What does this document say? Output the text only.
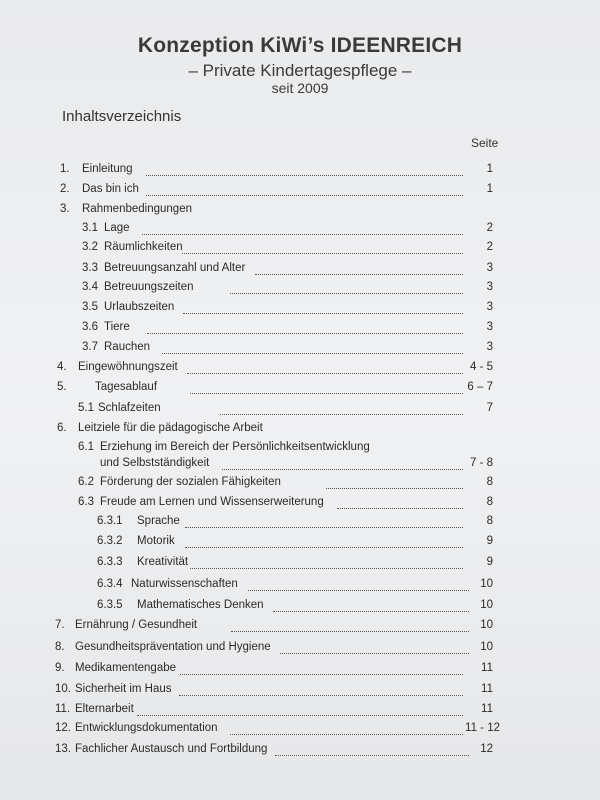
Konzeption KiWi’s IDEENREICH
– Private Kindertagespflege –
seit 2009
Inhaltsverzeichnis
Seite
1. Einleitung	1
2. Das bin ich	1
3. Rahmenbedingungen
3.1 Lage	2
3.2 Räumlichkeiten	2
3.3 Betreuungsanzahl und Alter	3
3.4 Betreuungszeiten	3
3.5 Urlaubszeiten	3
3.6 Tiere	3
3.7 Rauchen	3
4. Eingewöhnungszeit	4 - 5
5. Tagesablauf	6 – 7
5.1 Schlafzeiten	7
6. Leitziele für die pädagogische Arbeit
6.1 Erziehung im Bereich der Persönlichkeitsentwicklung
und Selbstständigkeit	7 - 8
6.2 Förderung der sozialen Fähigkeiten	8
6.3 Freude am Lernen und Wissenserweiterung	8
6.3.1 Sprache	8
6.3.2 Motorik	9
6.3.3 Kreativität	9
6.3.4 Naturwissenschaften	10
6.3.5 Mathematisches Denken	10
7. Ernährung / Gesundheit	10
8. Gesundheitspräventation und Hygiene	10
9. Medikamentengabe	11
10. Sicherheit im Haus	11
11. Elternarbeit	11
12. Entwicklungsdokumentation	11 - 12
13. Fachlicher Austausch und Fortbildung	12
